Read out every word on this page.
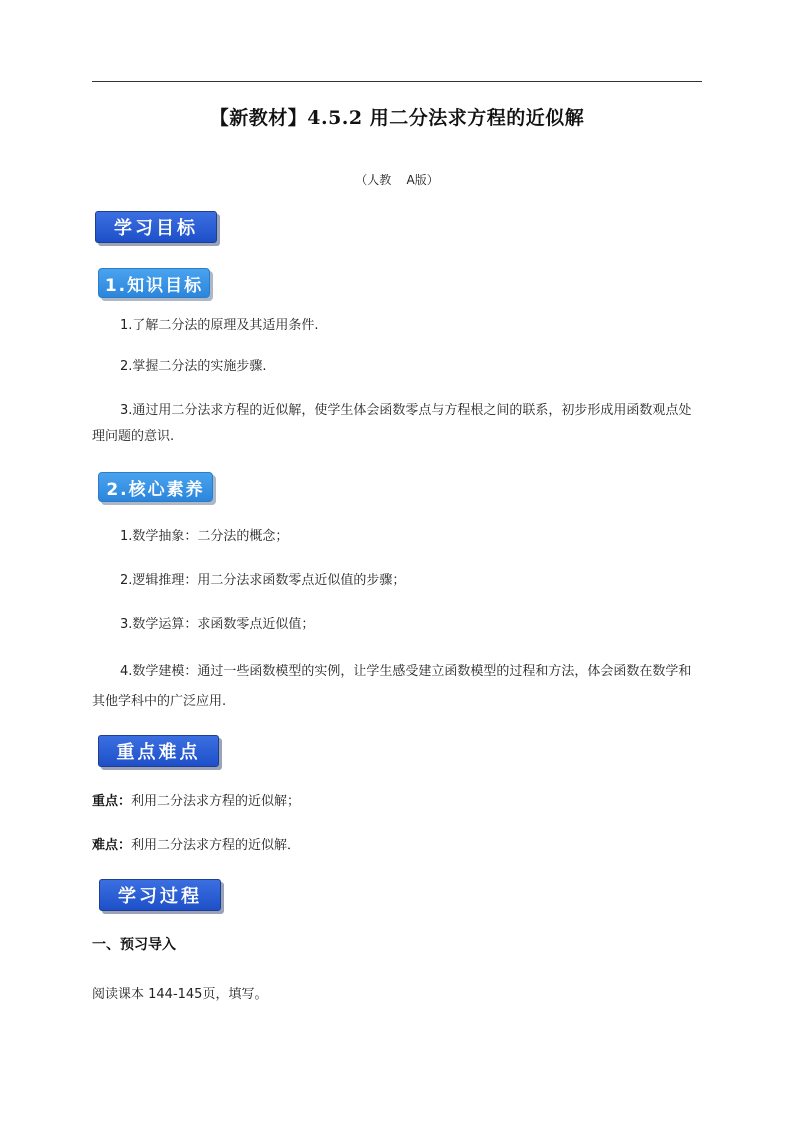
【新教材】4.5.2 用二分法求方程的近似解
（人教    A版）
学习目标
1.知识目标
1.了解二分法的原理及其适用条件.
2.掌握二分法的实施步骤.
3.通过用二分法求方程的近似解，使学生体会函数零点与方程根之间的联系，初步形成用函数观点处理问题的意识.
2.核心素养
1.数学抽象：二分法的概念；
2.逻辑推理：用二分法求函数零点近似值的步骤；
3.数学运算：求函数零点近似值；
4.数学建模：通过一些函数模型的实例，让学生感受建立函数模型的过程和方法，体会函数在数学和其他学科中的广泛应用.
重点难点
重点：利用二分法求方程的近似解；
难点：利用二分法求方程的近似解．
学习过程
一、预习导入
阅读课本 144-145页，填写。
